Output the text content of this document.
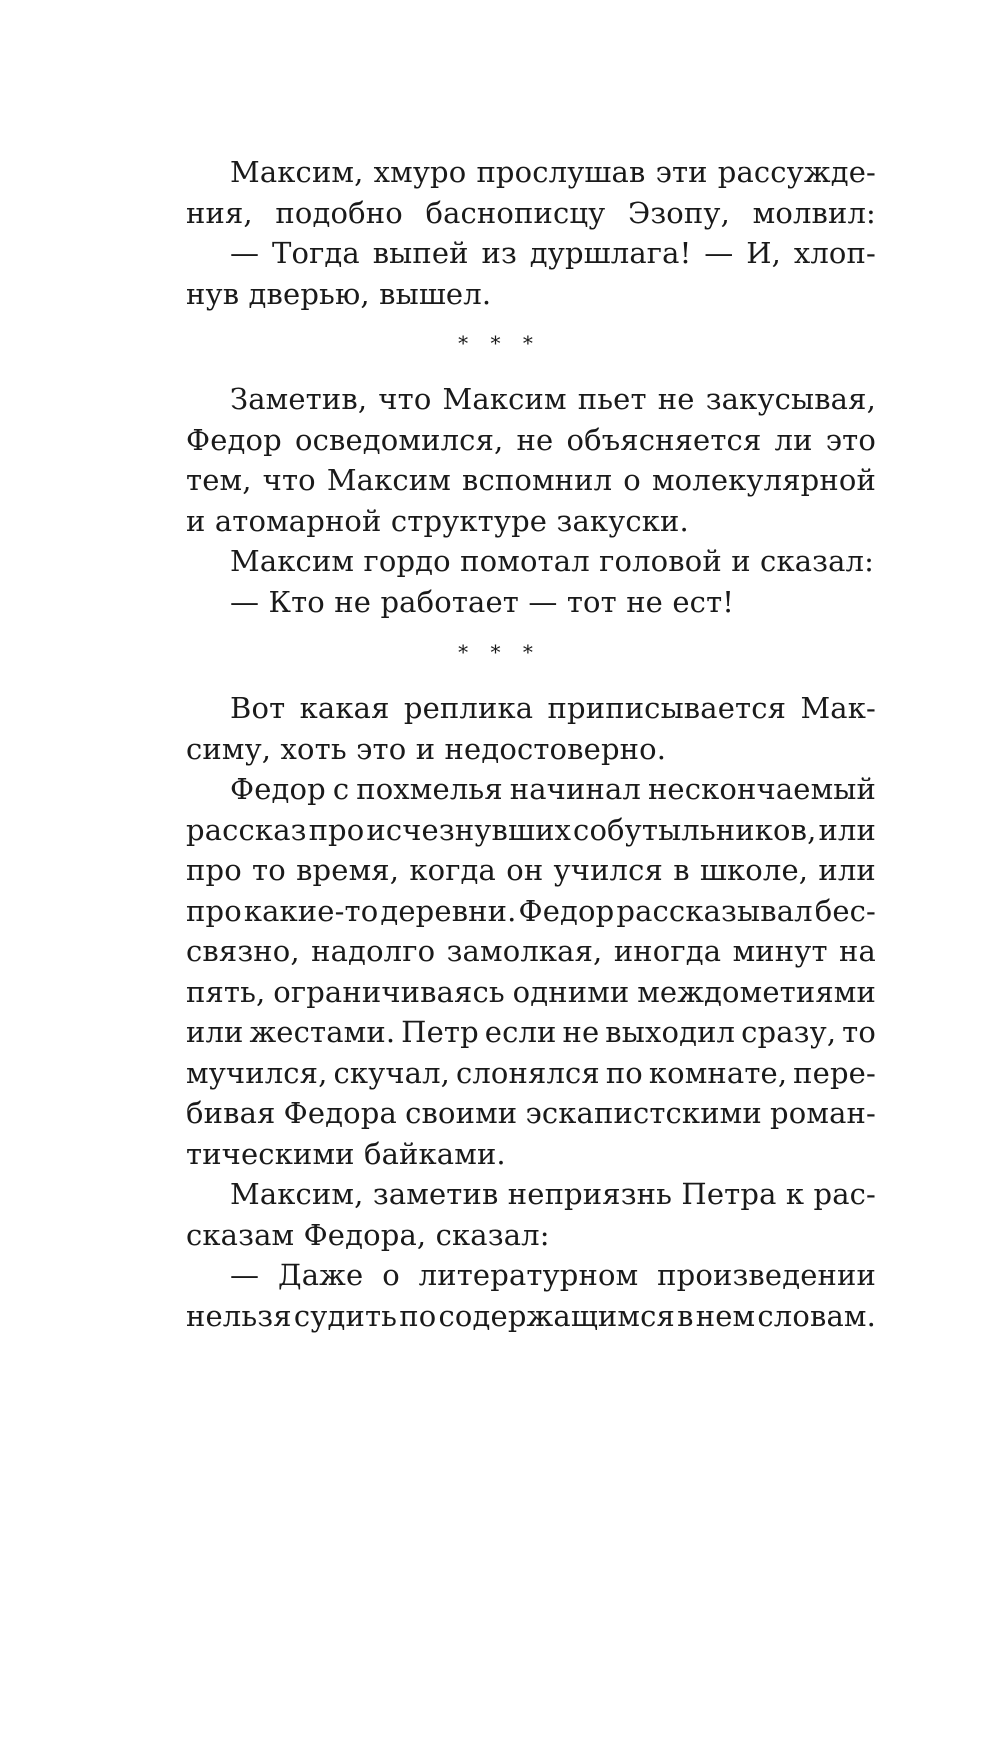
Максим, хмуро прослушав эти рассужде-
ния, подобно баснописцу Эзопу, молвил:
— Тогда выпей из дуршлага! — И, хлоп-
нув дверью, вышел.
* * *
Заметив, что Максим пьет не закусывая,
Федор осведомился, не объясняется ли это
тем, что Максим вспомнил о молекулярной
и атомарной структуре закуски.
Максим гордо помотал головой и сказал:
— Кто не работает — тот не ест!
* * *
Вот какая реплика приписывается Мак-
симу, хоть это и недостоверно.
Федор с похмелья начинал нескончаемый
рассказ про исчезнувших собутыльников, или
про то время, когда он учился в школе, или
про какие-то деревни. Федор рассказывал бес-
связно, надолго замолкая, иногда минут на
пять, ограничиваясь одними междометиями
или жестами. Петр если не выходил сразу, то
мучился, скучал, слонялся по комнате, пере-
бивая Федора своими эскапистскими роман-
тическими байками.
Максим, заметив неприязнь Петра к рас-
сказам Федора, сказал:
— Даже о литературном произведении
нельзя судить по содержащимся в нем словам.
